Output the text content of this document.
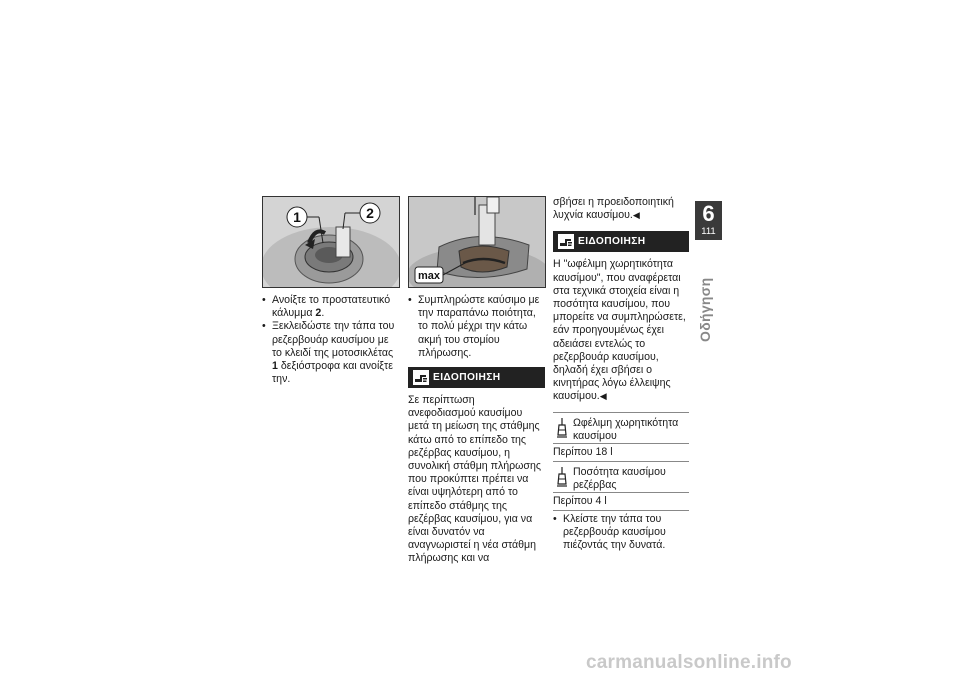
1	2
• Ανοίξτε το προστατευτικό κάλυμμα 2.
• Ξεκλειδώστε την τάπα του ρεζερβουάρ καυσίμου με το κλειδί της μοτοσικλέτας 1 δεξιόστροφα και ανοίξτε την.
max
• Συμπληρώστε καύσιμο με την παραπάνω ποιότητα, το πολύ μέχρι την κάτω ακμή του στομίου πλήρωσης.
ΕΙΔΟΠΟΙΗΣΗ

Σε περίπτωση ανεφοδιασμού καυσίμου μετά τη μείωση της στάθμης κάτω από το επίπεδο της ρεζέρβας καυσίμου, η συνολική στάθμη πλήρωσης που προκύπτει πρέπει να είναι υψηλότερη από το επίπεδο στάθμης της ρεζέρβας καυσίμου, για να είναι δυνατόν να αναγνωριστεί η νέα στάθμη πλήρωσης και να

σβήσει η προειδοποιητική λυχνία καυσίμου.◀

ΕΙΔΟΠΟΙΗΣΗ

Η "ωφέλιμη χωρητικότητα καυσίμου", που αναφέρεται στα τεχνικά στοιχεία είναι η ποσότητα καυσίμου, που μπορείτε να συμπληρώσετε, εάν προηγουμένως έχει αδειάσει εντελώς το ρεζερβουάρ καυσίμου, δηλαδή έχει σβήσει ο κινητήρας λόγω έλλειψης καυσίμου.◀

Ωφέλιμη χωρητικότητα καυσίμου
Περίπου 18 l
Ποσότητα καυσίμου ρεζέρβας
Περίπου 4 l
• Κλείστε την τάπα του ρεζερβουάρ καυσίμου πιέζοντάς την δυνατά.
6
111
Οδήγηση
carmanualsonline.info
